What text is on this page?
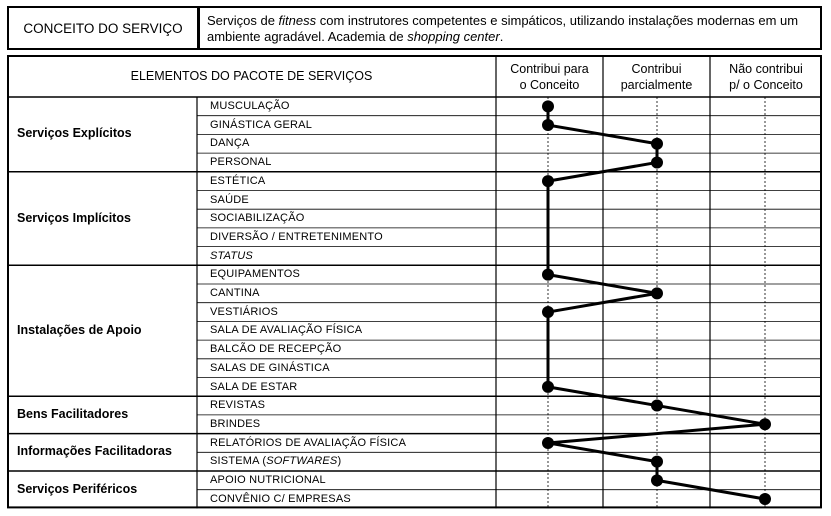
CONCEITO DO SERVIÇO	Serviços de fitness com instrutores competentes e simpáticos, utilizando instalações modernas em um ambiente agradável. Academia de shopping center.
ELEMENTOS DO PACOTE DE SERVIÇOS	Contribui para
o Conceito
Contribui
parcialmente
Não contribui
p/ o Conceito
MUSCULAÇÃO
GINÁSTICA GERAL
DANÇA
PERSONAL
Serviços Explícitos
ESTÉTICA
SAÚDE
SOCIABILIZAÇÃO
DIVERSÃO / ENTRETENIMENTO
STATUS
Serviços Implícitos
EQUIPAMENTOS
CANTINA
VESTIÁRIOS
SALA DE AVALIAÇÃO FÍSICA
BALCÃO DE RECEPÇÃO
SALAS DE GINÁSTICA
SALA DE ESTAR
Instalações de Apoio
REVISTAS
BRINDES
Bens Facilitadores
RELATÓRIOS DE AVALIAÇÃO FÍSICA
SISTEMA (SOFTWARES)
Informações Facilitadoras
APOIO NUTRICIONAL
CONVÊNIO C/ EMPRESAS
Serviços Periféricos
